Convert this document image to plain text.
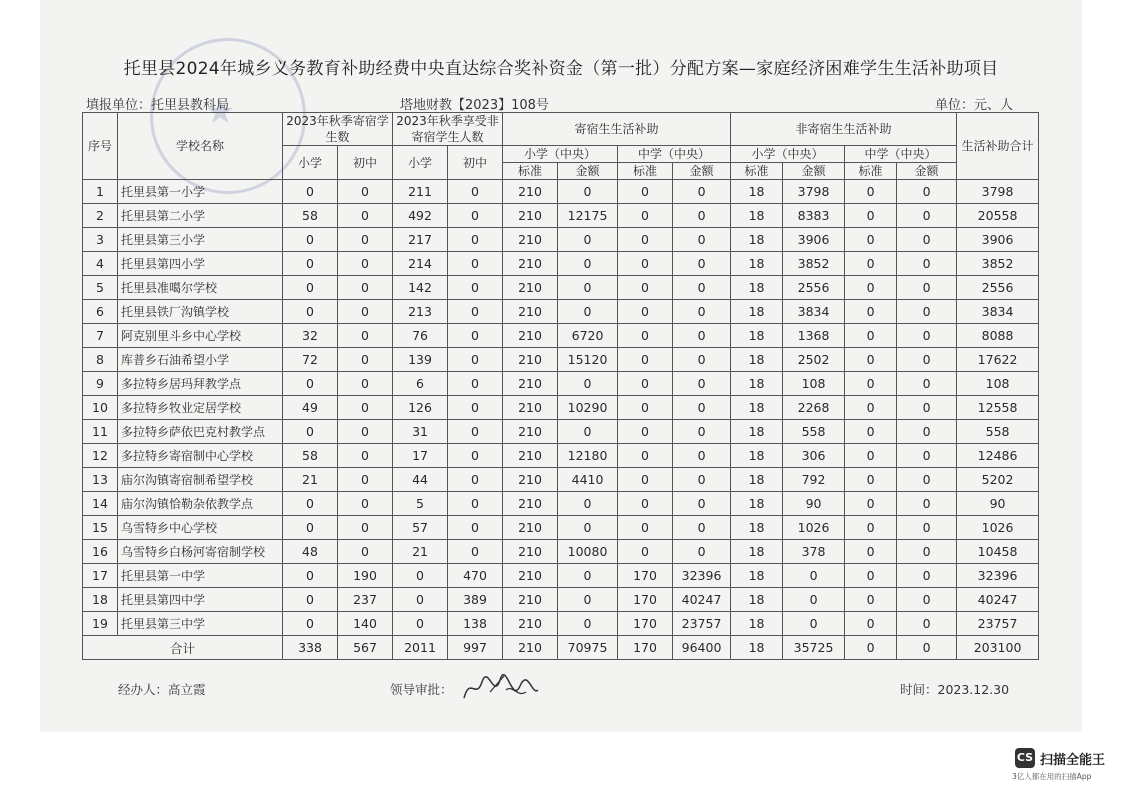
★
托里县2024年城乡义务教育补助经费中央直达综合奖补资金（第一批）分配方案—家庭经济困难学生生活补助项目
填报单位：托里县教科局	塔地财教【2023】108号	单位：元、人
序号	学校名称	2023年秋季寄宿学生数		2023年秋季享受非寄宿学生人数		寄宿生生活补助				非寄宿生生活补助				生活补助合计
		小学	初中	小学	初中	小学（中央）		中学（中央）		小学（中央）		中学（中央）		
						标准	金额	标准	金额	标准	金额	标准	金额	
1	托里县第一小学	0	0	211	0	210	0	0	0	18	3798	0	0	3798
2	托里县第二小学	58	0	492	0	210	12175	0	0	18	8383	0	0	20558
3	托里县第三小学	0	0	217	0	210	0	0	0	18	3906	0	0	3906
4	托里县第四小学	0	0	214	0	210	0	0	0	18	3852	0	0	3852
5	托里县准噶尔学校	0	0	142	0	210	0	0	0	18	2556	0	0	2556
6	托里县铁厂沟镇学校	0	0	213	0	210	0	0	0	18	3834	0	0	3834
7	阿克别里斗乡中心学校	32	0	76	0	210	6720	0	0	18	1368	0	0	8088
8	库普乡石油希望小学	72	0	139	0	210	15120	0	0	18	2502	0	0	17622
9	多拉特乡居玛拜教学点	0	0	6	0	210	0	0	0	18	108	0	0	108
10	多拉特乡牧业定居学校	49	0	126	0	210	10290	0	0	18	2268	0	0	12558
11	多拉特乡萨依巴克村教学点	0	0	31	0	210	0	0	0	18	558	0	0	558
12	多拉特乡寄宿制中心学校	58	0	17	0	210	12180	0	0	18	306	0	0	12486
13	庙尔沟镇寄宿制希望学校	21	0	44	0	210	4410	0	0	18	792	0	0	5202
14	庙尔沟镇恰勒杂依教学点	0	0	5	0	210	0	0	0	18	90	0	0	90
15	乌雪特乡中心学校	0	0	57	0	210	0	0	0	18	1026	0	0	1026
16	乌雪特乡白杨河寄宿制学校	48	0	21	0	210	10080	0	0	18	378	0	0	10458
17	托里县第一中学	0	190	0	470	210	0	170	32396	18	0	0	0	32396
18	托里县第四中学	0	237	0	389	210	0	170	40247	18	0	0	0	40247
19	托里县第三中学	0	140	0	138	210	0	170	23757	18	0	0	0	23757
合计		338	567	2011	997	210	70975	170	96400	18	35725	0	0	203100
经办人：高立霞	领导审批：	时间：2023.12.30
CS 扫描全能王
3亿人都在用的扫描App
